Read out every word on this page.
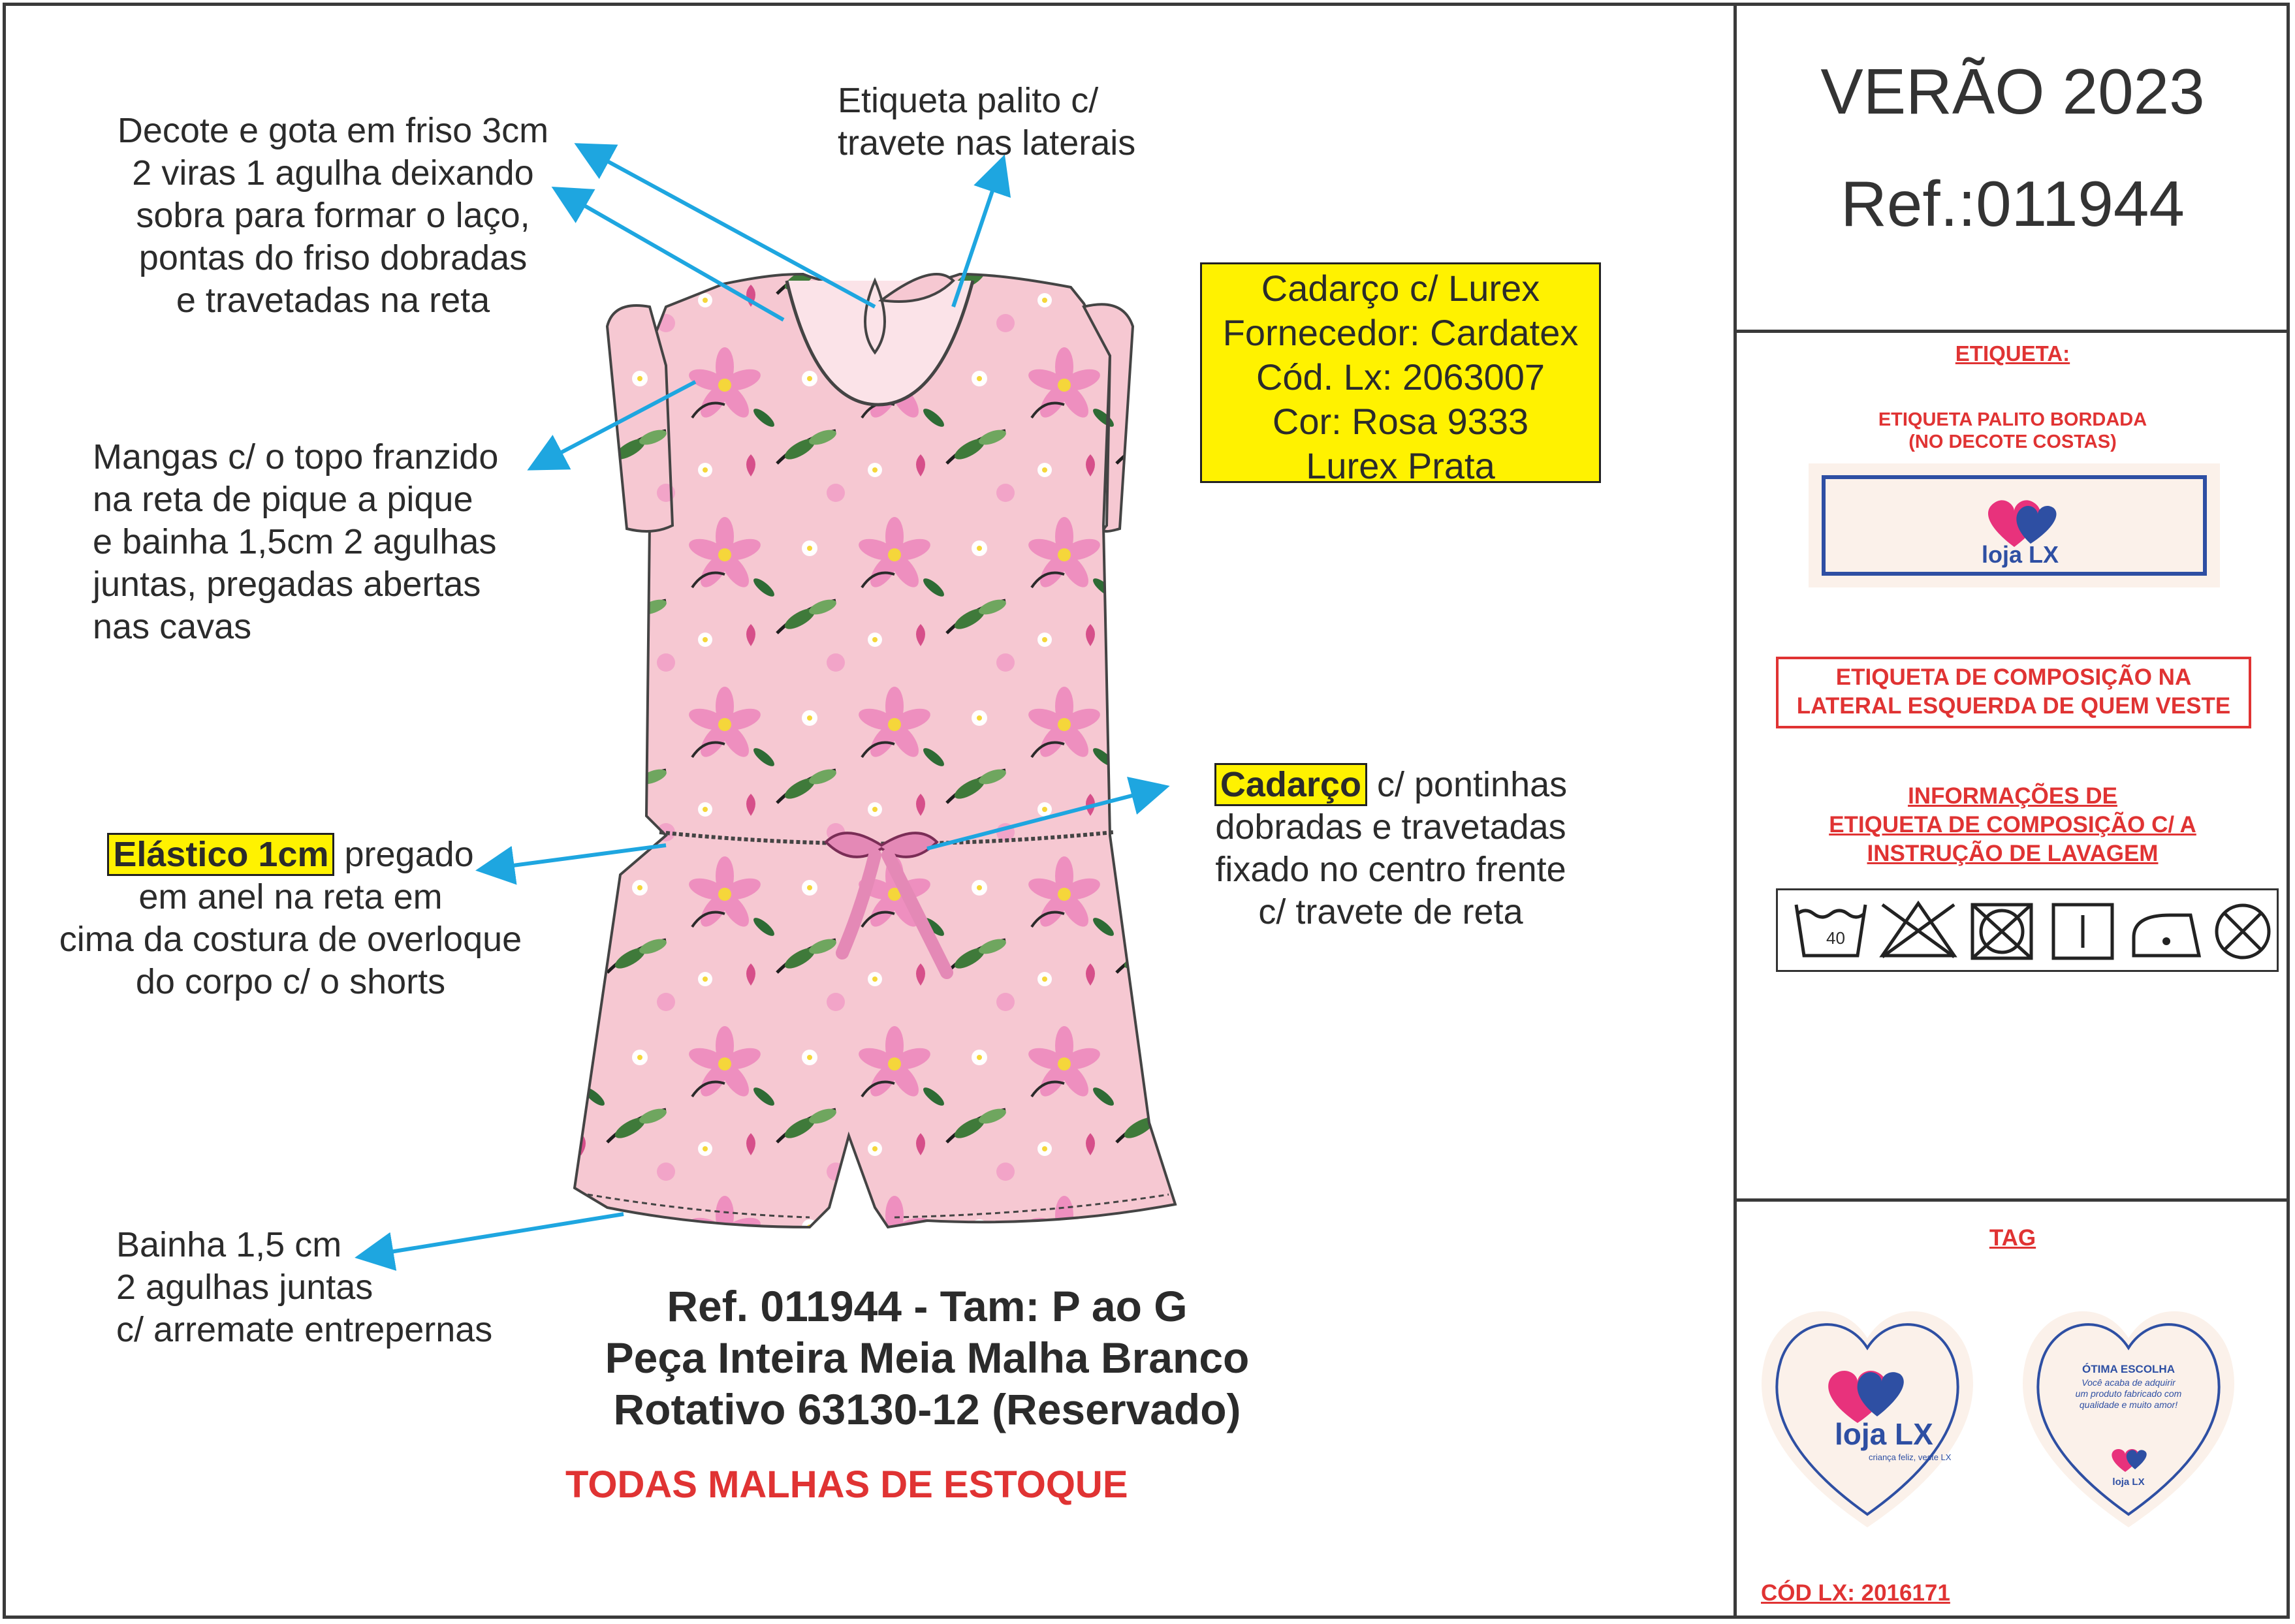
Decote e gota em friso 3cm
2 viras 1 agulha deixando
sobra para formar o laço,
pontas do friso dobradas
e travetadas na reta
Etiqueta palito c/
travete nas laterais
Mangas c/ o topo franzido
na reta de pique a pique
e bainha 1,5cm 2 agulhas
juntas, pregadas abertas
nas cavas
Cadarço c/ Lurex
Fornecedor: Cardatex
Cód. Lx: 2063007
Cor: Rosa 9333
Lurex Prata
Elástico 1cm pregado
em anel na reta em
cima da costura de overloque
do corpo c/ o shorts
Cadarço c/ pontinhas
dobradas e travetadas
fixado no centro frente
c/ travete de reta
Bainha 1,5 cm
2 agulhas juntas
c/ arremate entrepernas	Ref. 011944 - Tam: P ao G
Peça Inteira Meia Malha Branco
Rotativo 63130-12 (Reservado)
TODAS MALHAS DE ESTOQUE
VERÃO 2023
Ref.:011944
ETIQUETA:
ETIQUETA PALITO BORDADA
(NO DECOTE COSTAS)
loja LX
ETIQUETA DE COMPOSIÇÃO NA
LATERAL ESQUERDA DE QUEM VESTE
INFORMAÇÕES DE
ETIQUETA DE COMPOSIÇÃO C/ A
INSTRUÇÃO DE LAVAGEM
40
TAG
loja LX
criança feliz, veste LX
ÓTIMA ESCOLHA
Você acaba de adquirir
um produto fabricado com
qualidade e muito amor!
loja LX
CÓD LX: 2016171
